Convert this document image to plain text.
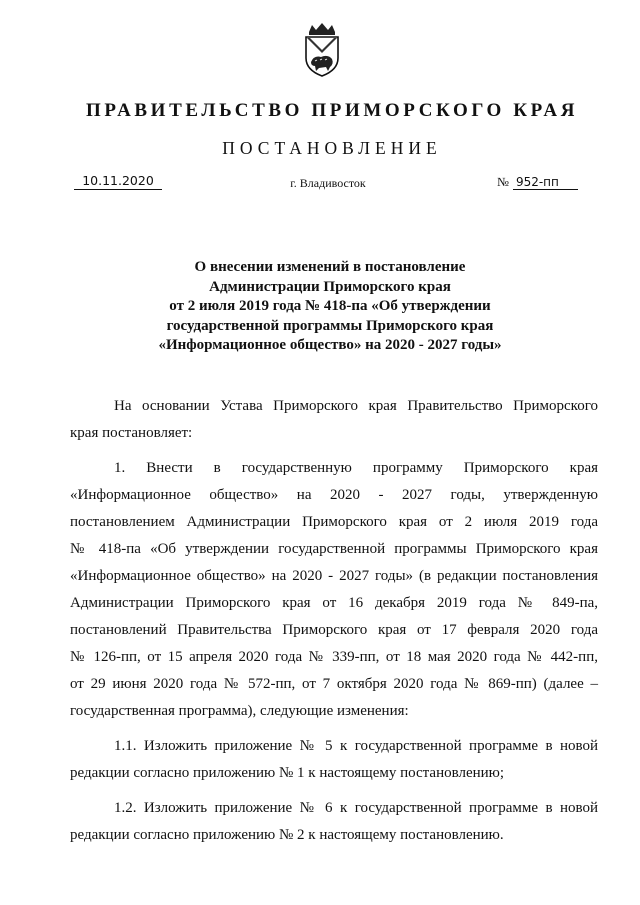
ПРАВИТЕЛЬСТВО ПРИМОРСКОГО КРАЯ
ПОСТАНОВЛЕНИЕ
10.11.2020	г. Владивосток	№ 952-пп
О внесении изменений в постановление
Администрации Приморского края
от 2 июля 2019 года № 418-па «Об утверждении
государственной программы Приморского края
«Информационное общество» на 2020 - 2027 годы»
На основании Устава Приморского края Правительство Приморского
края постановляет:
1. Внести в государственную программу Приморского края
«Информационное общество» на 2020 - 2027 годы, утвержденную
постановлением Администрации Приморского края от 2 июля 2019 года
№ 418-па «Об утверждении государственной программы Приморского края
«Информационное общество» на 2020 - 2027 годы» (в редакции постановления
Администрации Приморского края от 16 декабря 2019 года № 849-па,
постановлений Правительства Приморского края от 17 февраля 2020 года
№ 126-пп, от 15 апреля 2020 года № 339-пп, от 18 мая 2020 года № 442-пп,
от 29 июня 2020 года № 572-пп, от 7 октября 2020 года № 869-пп) (далее –
государственная программа), следующие изменения:
1.1. Изложить приложение № 5 к государственной программе в новой
редакции согласно приложению № 1 к настоящему постановлению;
1.2. Изложить приложение № 6 к государственной программе в новой
редакции согласно приложению № 2 к настоящему постановлению.
